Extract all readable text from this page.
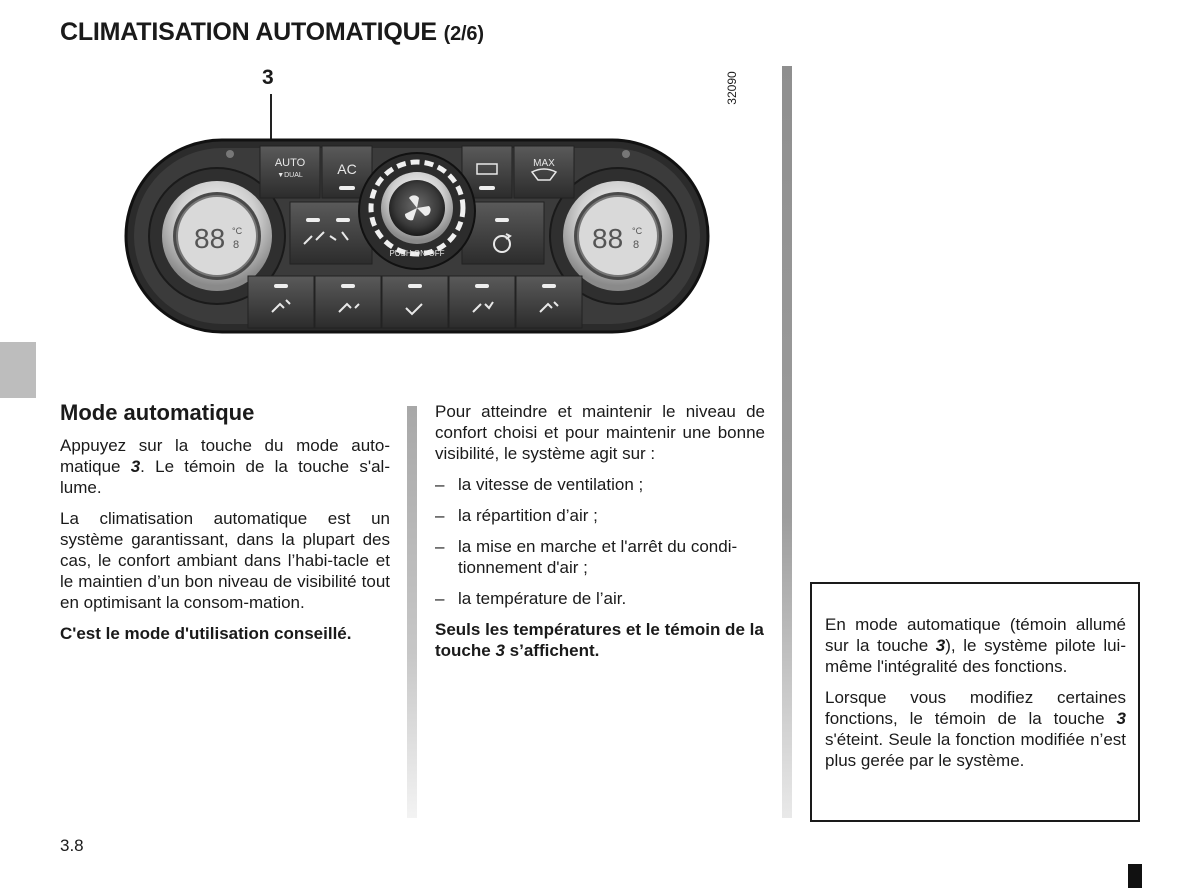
CLIMATISATION AUTOMATIQUE (2/6)
3	32090
88 °C
8	88 °C
8
AUTO
▼DUAL AC	MAX
PUSH ON·OFF
Mode automatique

Appuyez sur la touche du mode auto-matique 3. Le témoin de la touche s'al-lume.

La climatisation automatique est un système garantissant, dans la plupart des cas, le confort ambiant dans l’habi-tacle et le maintien d’un bon niveau de visibilité tout en optimisant la consom-mation.

C'est le mode d'utilisation conseillé.

Pour atteindre et maintenir le niveau de confort choisi et pour maintenir une bonne visibilité, le système agit sur :

– la vitesse de ventilation ;
– la répartition d’air ;
– la mise en marche et l'arrêt du condi-tionnement d'air ;
– la température de l’air.

Seuls les températures et le témoin de la touche 3 s’affichent.

En mode automatique (témoin allumé sur la touche 3), le système pilote lui-même l'intégralité des fonctions.

Lorsque vous modifiez certaines fonctions, le témoin de la touche 3 s'éteint. Seule la fonction modifiée n’est plus gerée par le système.

3.8
